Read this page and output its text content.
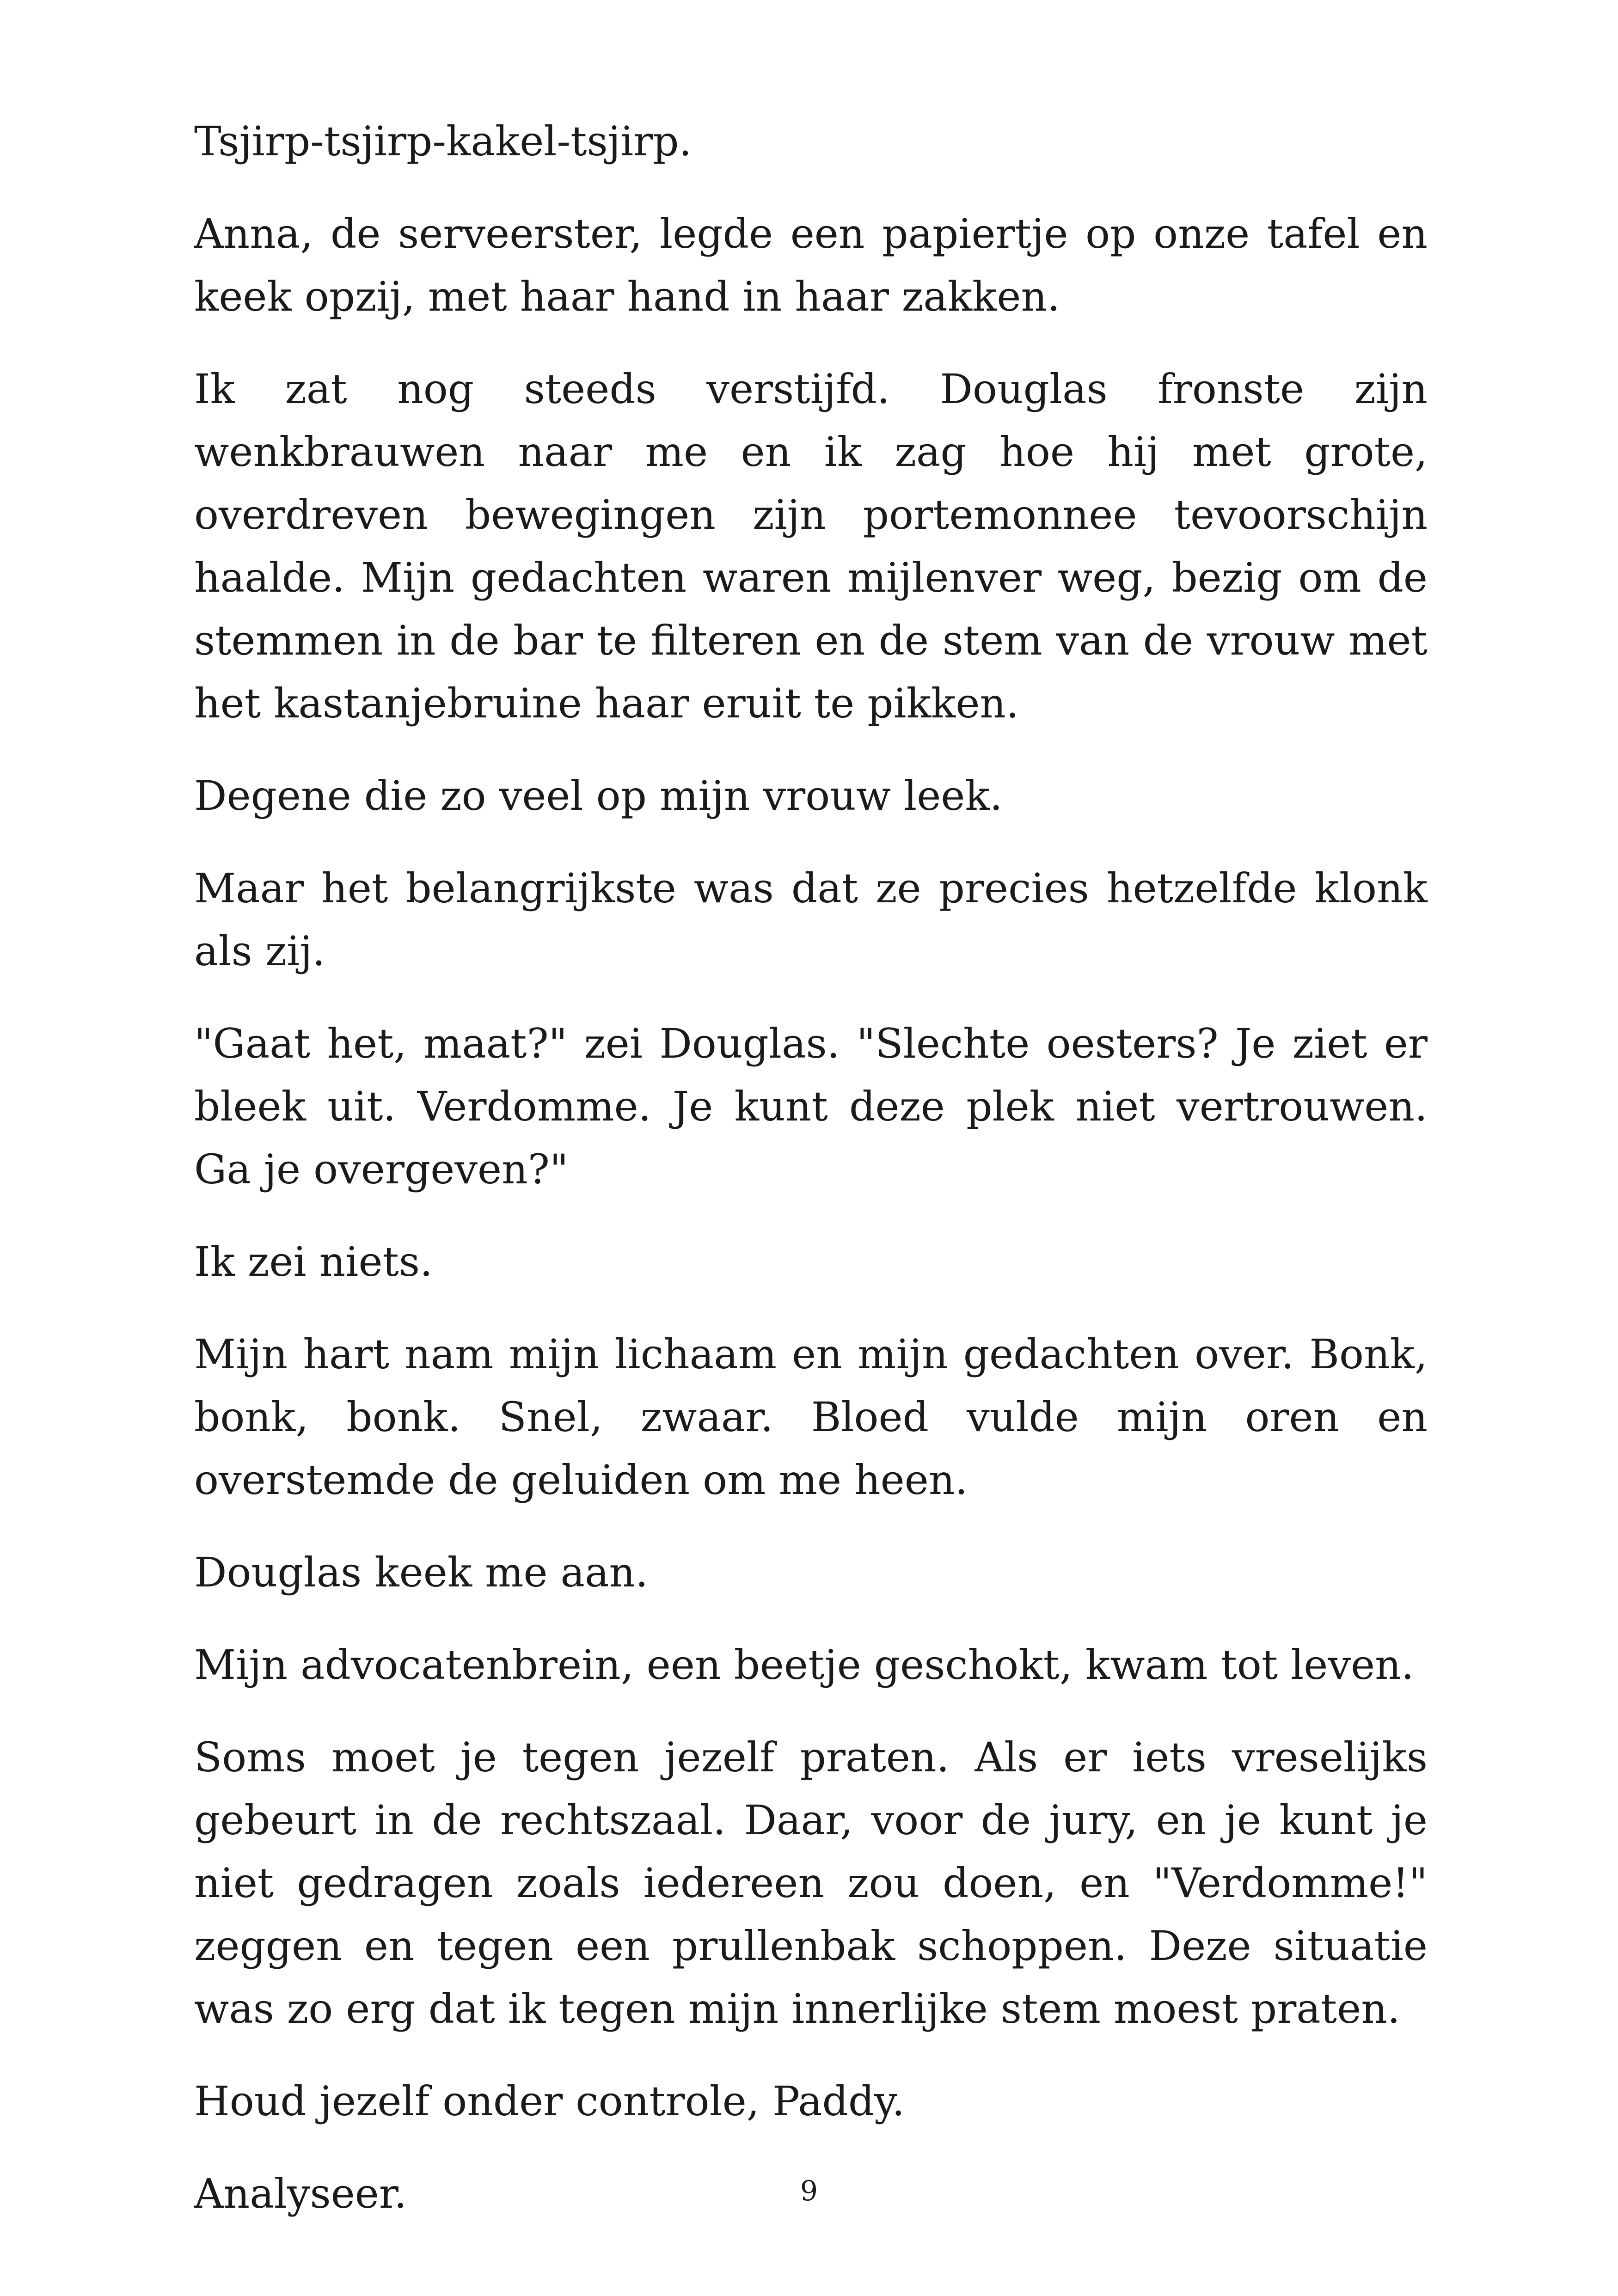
Tsjirp-tsjirp-kakel-tsjirp.

Anna, de serveerster, legde een papiertje op onze tafel en keek opzij, met haar hand in haar zakken.

Ik zat nog steeds verstijfd. Douglas fronste zijn wenkbrauwen naar me en ik zag hoe hij met grote, overdreven bewegingen zijn portemonnee tevoorschijn haalde. Mijn gedachten waren mijlenver weg, bezig om de stemmen in de bar te filteren en de stem van de vrouw met het kastanjebruine haar eruit te pikken.

Degene die zo veel op mijn vrouw leek.

Maar het belangrijkste was dat ze precies hetzelfde klonk als zij.

"Gaat het, maat?" zei Douglas. "Slechte oesters? Je ziet er bleek uit. Verdomme. Je kunt deze plek niet vertrouwen. Ga je overgeven?"

Ik zei niets.

Mijn hart nam mijn lichaam en mijn gedachten over. Bonk, bonk, bonk. Snel, zwaar. Bloed vulde mijn oren en overstemde de geluiden om me heen.

Douglas keek me aan.

Mijn advocatenbrein, een beetje geschokt, kwam tot leven.

Soms moet je tegen jezelf praten. Als er iets vreselijks gebeurt in de rechtszaal. Daar, voor de jury, en je kunt je niet gedragen zoals iedereen zou doen, en "Verdomme!" zeggen en tegen een prullenbak schoppen. Deze situatie was zo erg dat ik tegen mijn innerlijke stem moest praten.

Houd jezelf onder controle, Paddy.

Analyseer.	9
